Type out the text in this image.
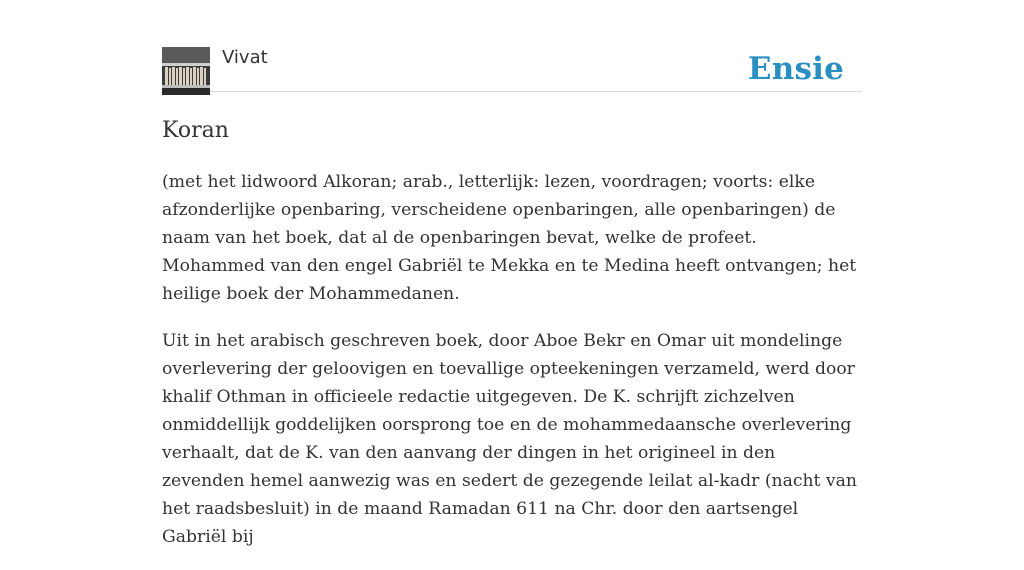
Vivat	Ensie
Koran

(met het lidwoord Alkoran; arab., letterlijk: lezen, voordragen; voorts: elke afzonderlijke openbaring, verscheidene openbaringen, alle openbaringen) de naam van het boek, dat al de openbaringen bevat, welke de profeet. Mohammed van den engel Gabriël te Mekka en te Medina heeft ontvangen; het heilige boek der Mohammedanen.

Uit in het arabisch geschreven boek, door Aboe Bekr en Omar uit mondelinge overlevering der geloovigen en toevallige opteekeningen verzameld, werd door khalif Othman in officieele redactie uitgegeven. De K. schrijft zichzelven onmiddellijk goddelijken oorsprong toe en de mohammedaansche overlevering verhaalt, dat de K. van den aanvang der dingen in het origineel in den zevenden hemel aanwezig was en sedert de gezegende leilat al-kadr (nacht van het raadsbesluit) in de maand Ramadan 611 na Chr. door den aartsengel Gabriël bij
